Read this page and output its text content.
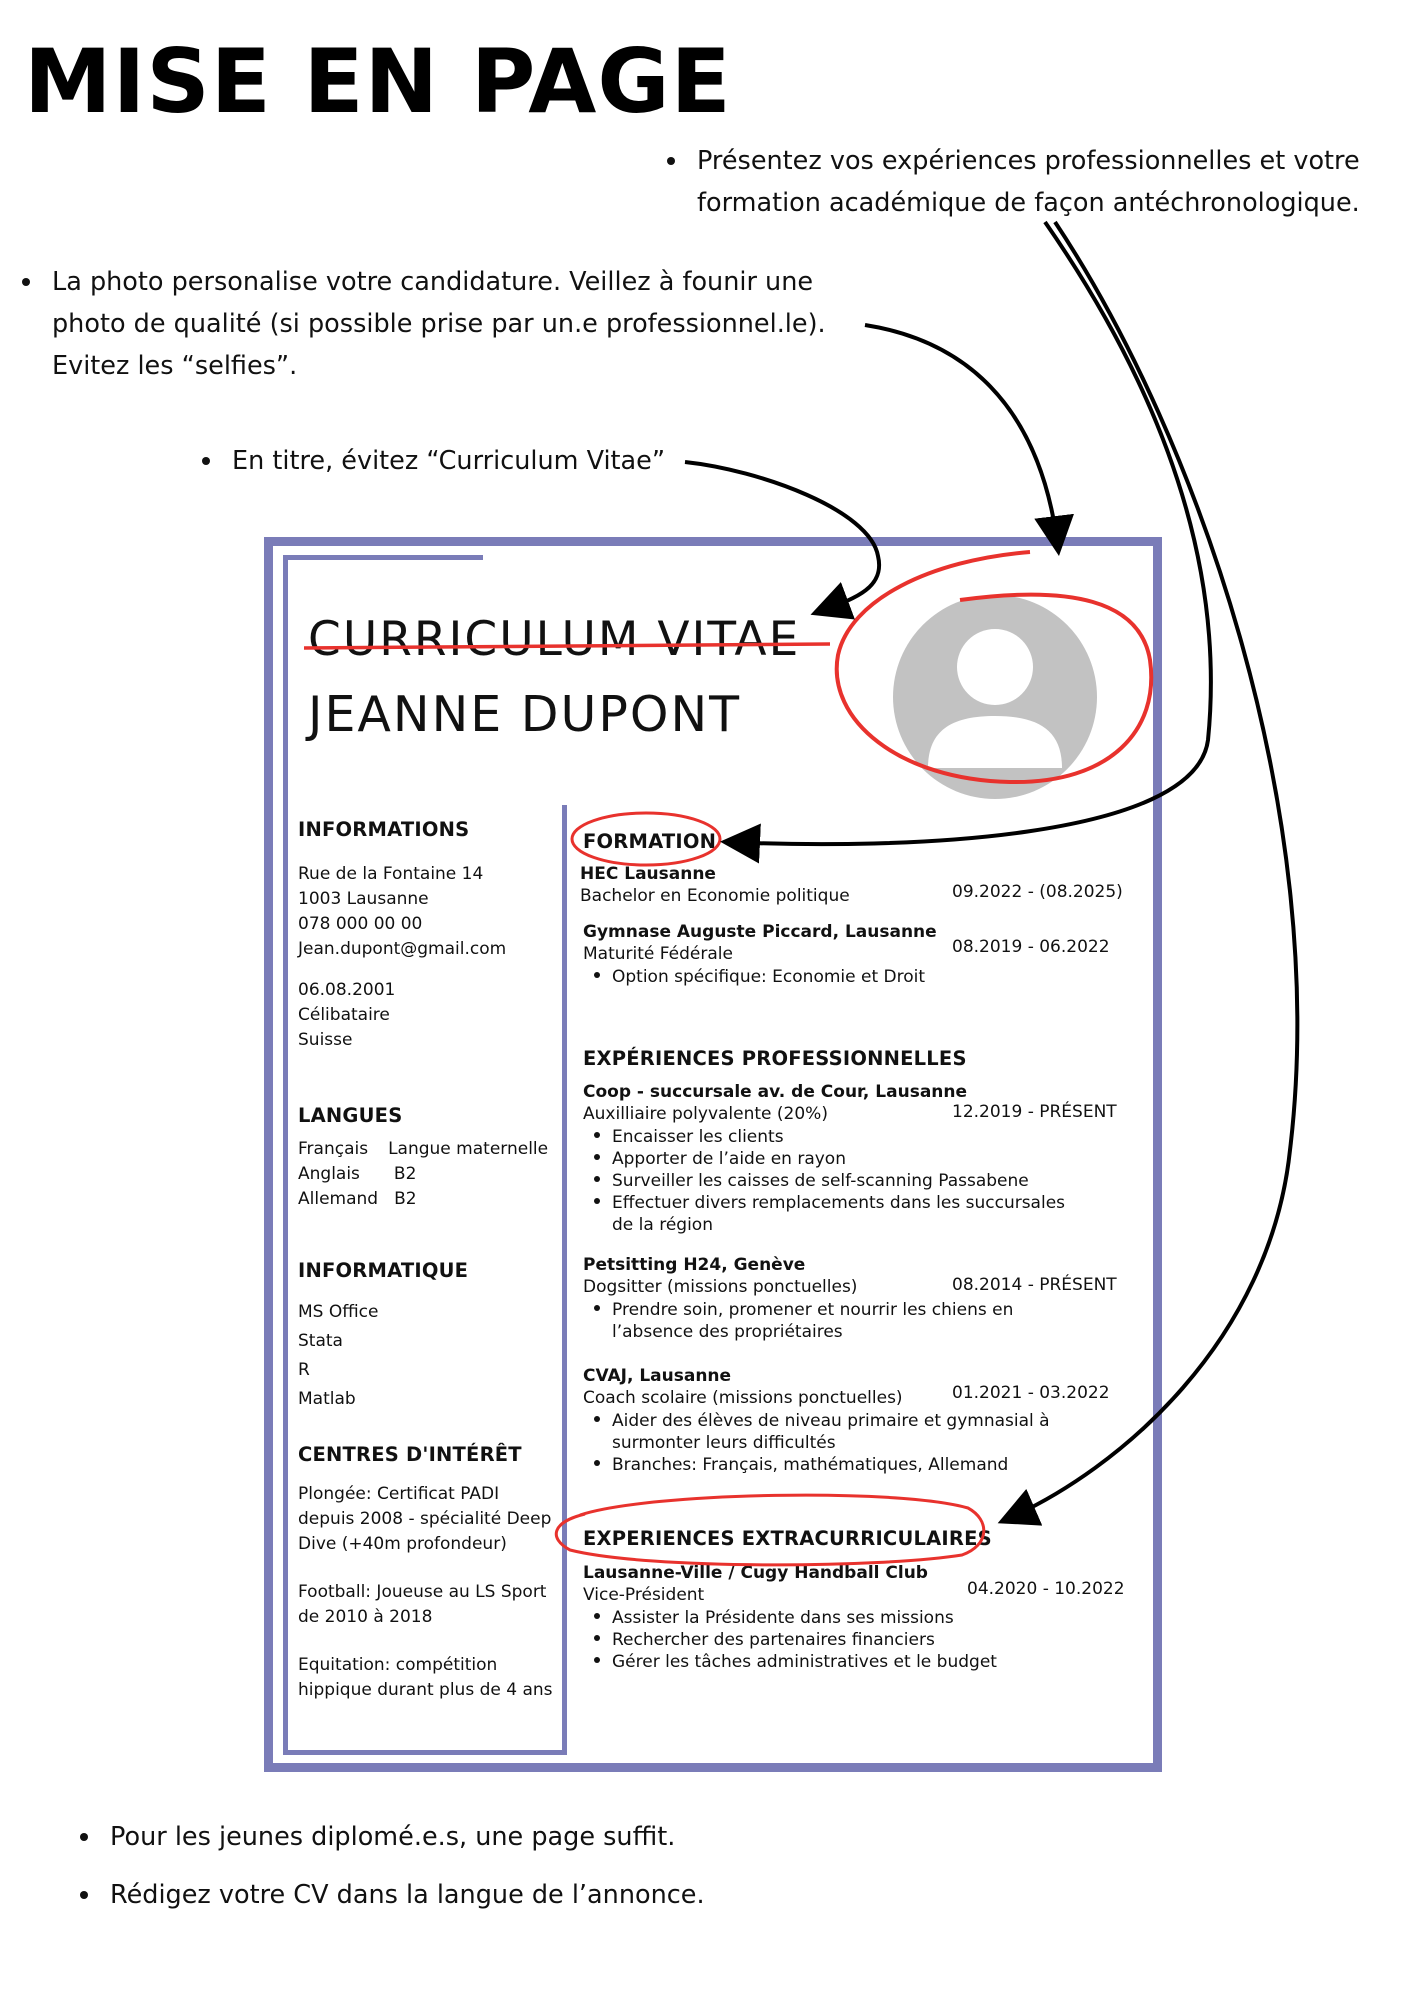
MISE EN PAGE
Présentez vos expériences professionnelles et votre
formation académique de façon antéchronologique.
La photo personalise votre candidature. Veillez à founir une
photo de qualité (si possible prise par un.e professionnel.le).
Evitez les “selfies”.
En titre, évitez “Curriculum Vitae”
Pour les jeunes diplomé.e.s, une page suffit.
Rédigez votre CV dans la langue de l’annonce.
CURRICULUM VITAE
JEANNE DUPONT
INFORMATIONS
Rue de la Fontaine 14
1003 Lausanne
078 000 00 00
Jean.dupont@gmail.com
06.08.2001
Célibataire
Suisse
LANGUES
Français Langue maternelle
Anglais B2
Allemand B2
INFORMATIQUE
MS Office
Stata
R
Matlab
CENTRES D'INTÉRÊT
Plongée: Certificat PADI
depuis 2008 - spécialité Deep
Dive (+40m profondeur)
Football: Joueuse au LS Sport
de 2010 à 2018
Equitation: compétition
hippique durant plus de 4 ans
FORMATION
HEC Lausanne
Bachelor en Economie politique	09.2022 - (08.2025)
Gymnase Auguste Piccard, Lausanne
Maturité Fédérale	08.2019 - 06.2022
Option spécifique: Economie et Droit
EXPÉRIENCES PROFESSIONNELLES
Coop - succursale av. de Cour, Lausanne
Auxilliaire polyvalente (20%)	12.2019 - PRÉSENT
Encaisser les clients
Apporter de l’aide en rayon
Surveiller les caisses de self-scanning Passabene
Effectuer divers remplacements dans les succursales
de la région
Petsitting H24, Genève
Dogsitter (missions ponctuelles)	08.2014 - PRÉSENT
Prendre soin, promener et nourrir les chiens en
l’absence des propriétaires
CVAJ, Lausanne
Coach scolaire (missions ponctuelles)	01.2021 - 03.2022
Aider des élèves de niveau primaire et gymnasial à
surmonter leurs difficultés
Branches: Français, mathématiques, Allemand
EXPERIENCES EXTRACURRICULAIRES
Lausanne-Ville / Cugy Handball Club
Vice-Président	04.2020 - 10.2022
Assister la Présidente dans ses missions
Rechercher des partenaires financiers
Gérer les tâches administratives et le budget
